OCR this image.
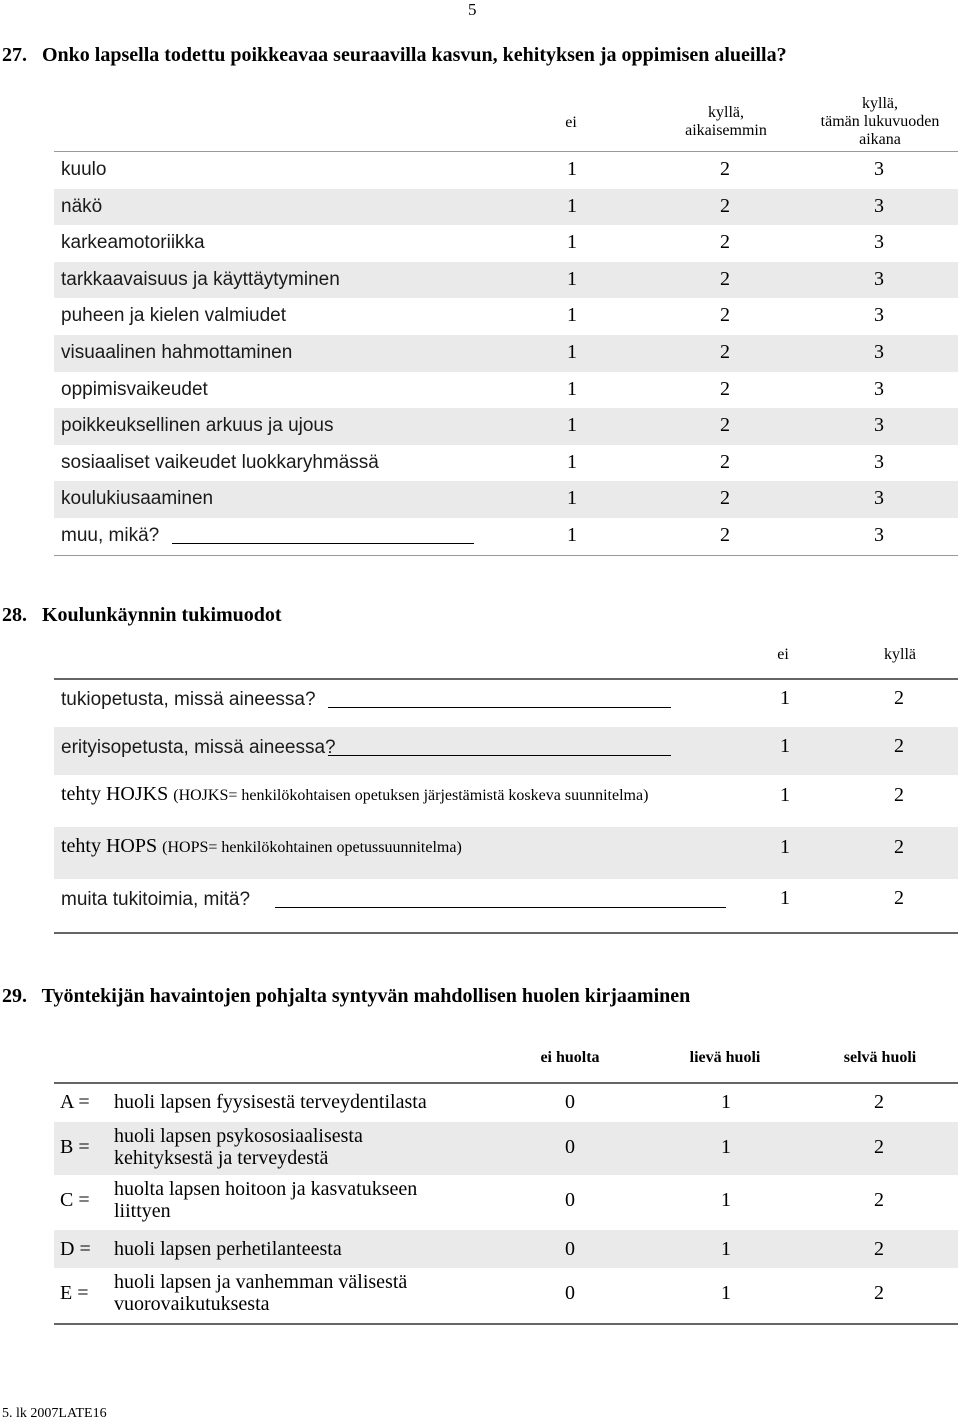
5
27. Onko lapsella todettu poikkeavaa seuraavilla kasvun, kehityksen ja oppimisen alueilla?
ei
kyllä,
aikaisemmin
kyllä,
tämän lukuvuoden
aikana
kuulo	1	2	3
näkö	1	2	3
karkeamotoriikka	1	2	3
tarkkaavaisuus ja käyttäytyminen	1	2	3
puheen ja kielen valmiudet	1	2	3
visuaalinen hahmottaminen	1	2	3
oppimisvaikeudet	1	2	3
poikkeuksellinen arkuus ja ujous	1	2	3
sosiaaliset vaikeudet luokkaryhmässä	1	2	3
koulukiusaaminen	1	2	3
muu, mikä?	1	2	3
28. Koulunkäynnin tukimuodot
ei	kyllä
tukiopetusta, missä aineessa?	1	2
erityisopetusta, missä aineessa?	1	2
tehty HOJKS (HOJKS= henkilökohtaisen opetuksen järjestämistä koskeva suunnitelma)	1	2
tehty HOPS (HOPS= henkilökohtainen opetussuunnitelma)	1	2
muita tukitoimia, mitä?	1	2
29. Työntekijän havaintojen pohjalta syntyvän mahdollisen huolen kirjaaminen
ei huolta	lievä huoli	selvä huoli
A = huoli lapsen fyysisestä terveydentilasta	0	1	2
B = huoli lapsen psykososiaalisesta
kehityksestä ja terveydestä	0	1	2
C = huolta lapsen hoitoon ja kasvatukseen
liittyen	0	1	2
D = huoli lapsen perhetilanteesta	0	1	2
E = huoli lapsen ja vanhemman välisestä
vuorovaikutuksesta	0	1	2
5. lk 2007LATE16
